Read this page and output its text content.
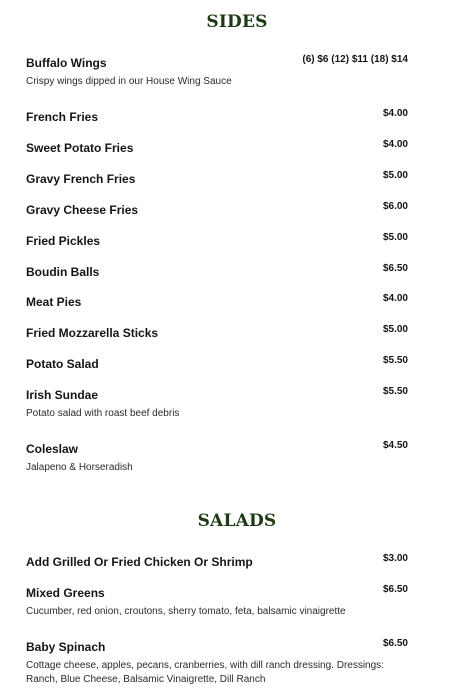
SIDES
Buffalo Wings	(6) $6 (12) $11 (18) $14
Crispy wings dipped in our House Wing Sauce
French Fries	$4.00
Sweet Potato Fries	$4.00
Gravy French Fries	$5.00
Gravy Cheese Fries	$6.00
Fried Pickles	$5.00
Boudin Balls	$6.50
Meat Pies	$4.00
Fried Mozzarella Sticks	$5.00
Potato Salad	$5.50
Irish Sundae	$5.50
Potato salad with roast beef debris
Coleslaw	$4.50
Jalapeno & Horseradish
SALADS
Add Grilled Or Fried Chicken Or Shrimp	$3.00
Mixed Greens	$6.50
Cucumber, red onion, croutons, sherry tomato, feta, balsamic vinaigrette
Baby Spinach	$6.50
Cottage cheese, apples, pecans, cranberries, with dill ranch dressing. Dressings: Ranch, Blue Cheese, Balsamic Vinaigrette, Dill Ranch
